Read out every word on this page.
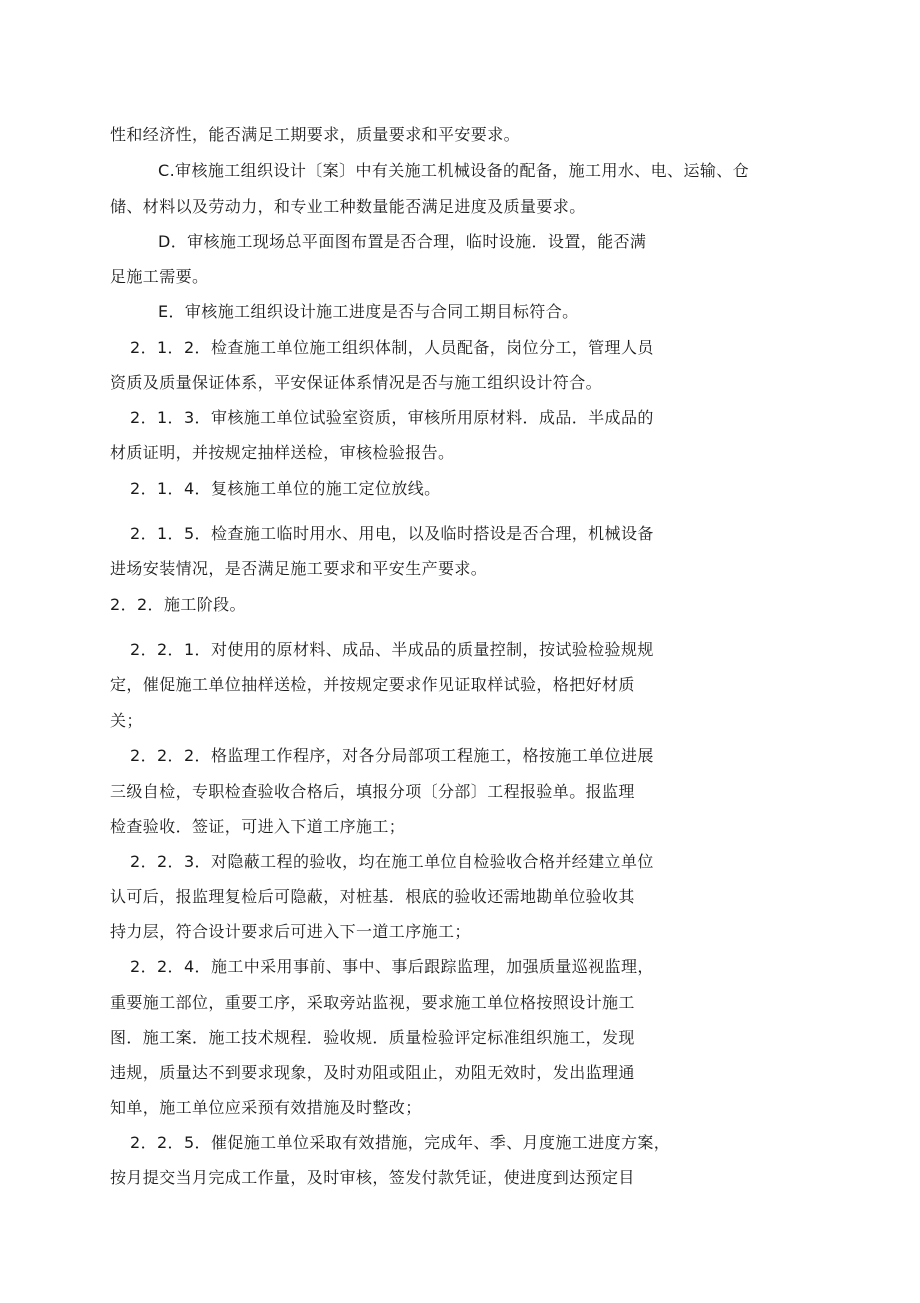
性和经济性，能否满足工期要求，质量要求和平安要求。
C.审核施工组织设计〔案〕中有关施工机械设备的配备，施工用水、电、运输、仓
储、材料以及劳动力，和专业工种数量能否满足进度及质量要求。
D．审核施工现场总平面图布置是否合理，临时设施．设置，能否满
足施工需要。
E．审核施工组织设计施工进度是否与合同工期目标符合。
2．1．2．检查施工单位施工组织体制，人员配备，岗位分工，管理人员
资质及质量保证体系，平安保证体系情况是否与施工组织设计符合。
2．1．3．审核施工单位试验室资质，审核所用原材料．成品．半成品的
材质证明，并按规定抽样送检，审核检验报告。
2．1．4．复核施工单位的施工定位放线。
2．1．5．检查施工临时用水、用电，以及临时搭设是否合理，机械设备
进场安装情况，是否满足施工要求和平安生产要求。
2．2．施工阶段。
2．2．1．对使用的原材料、成品、半成品的质量控制，按试验检验规规
定，催促施工单位抽样送检，并按规定要求作见证取样试验，格把好材质
关；
2．2．2．格监理工作程序，对各分局部项工程施工，格按施工单位进展
三级自检，专职检查验收合格后，填报分项〔分部〕工程报验单。报监理
检查验收．签证，可进入下道工序施工；
2．2．3．对隐蔽工程的验收，均在施工单位自检验收合格并经建立单位
认可后，报监理复检后可隐蔽，对桩基．根底的验收还需地勘单位验收其
持力层，符合设计要求后可进入下一道工序施工；
2．2．4．施工中采用事前、事中、事后跟踪监理，加强质量巡视监理，
重要施工部位，重要工序，采取旁站监视，要求施工单位格按照设计施工
图．施工案．施工技术规程．验收规．质量检验评定标准组织施工，发现
违规，质量达不到要求现象，及时劝阻或阻止，劝阻无效时，发出监理通
知单，施工单位应采预有效措施及时整改；
2．2．5．催促施工单位采取有效措施，完成年、季、月度施工进度方案，
按月提交当月完成工作量，及时审核，签发付款凭证，使进度到达预定目
